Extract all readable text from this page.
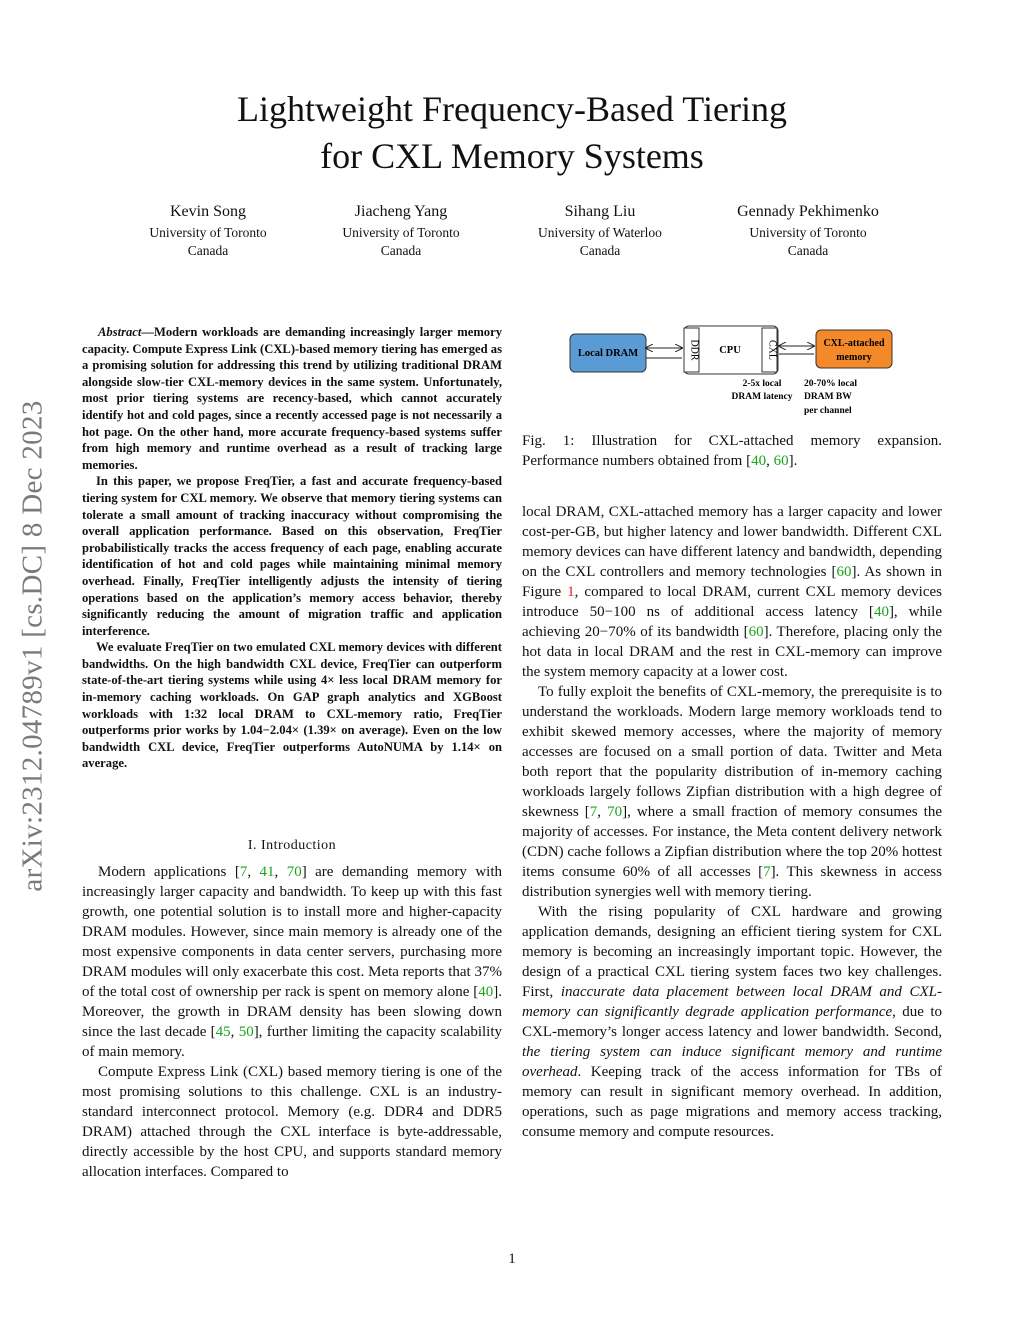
Lightweight Frequency-Based Tiering
for CXL Memory Systems
Kevin Song
University of Toronto
Canada
Jiacheng Yang
University of Toronto
Canada
Sihang Liu
University of Waterloo
Canada
Gennady Pekhimenko
University of Toronto
Canada
arXiv:2312.04789v1 [cs.DC] 8 Dec 2023

Abstract—Modern workloads are demanding increasingly larger memory capacity. Compute Express Link (CXL)-based memory tiering has emerged as a promising solution for addressing this trend by utilizing traditional DRAM alongside slow-tier CXL-memory devices in the same system. Unfortunately, most prior tiering systems are recency-based, which cannot accurately identify hot and cold pages, since a recently accessed page is not necessarily a hot page. On the other hand, more accurate frequency-based systems suffer from high memory and runtime overhead as a result of tracking large memories.

In this paper, we propose FreqTier, a fast and accurate frequency-based tiering system for CXL memory. We observe that memory tiering systems can tolerate a small amount of tracking inaccuracy without compromising the overall application performance. Based on this observation, FreqTier probabilistically tracks the access frequency of each page, enabling accurate identification of hot and cold pages while maintaining minimal memory overhead. Finally, FreqTier intelligently adjusts the intensity of tiering operations based on the application’s memory access behavior, thereby significantly reducing the amount of migration traffic and application interference.

We evaluate FreqTier on two emulated CXL memory devices with different bandwidths. On the high bandwidth CXL device, FreqTier can outperform state-of-the-art tiering systems while using 4× less local DRAM memory for in-memory caching workloads. On GAP graph analytics and XGBoost workloads with 1:32 local DRAM to CXL-memory ratio, FreqTier outperforms prior works by 1.04−2.04× (1.39× on average). Even on the low bandwidth CXL device, FreqTier outperforms AutoNUMA by 1.14× on average.

I. Introduction

Modern applications [7, 41, 70] are demanding memory with increasingly larger capacity and bandwidth. To keep up with this fast growth, one potential solution is to install more and higher-capacity DRAM modules. However, since main memory is already one of the most expensive components in data center servers, purchasing more DRAM modules will only exacerbate this cost. Meta reports that 37% of the total cost of ownership per rack is spent on memory alone [40]. Moreover, the growth in DRAM density has been slowing down since the last decade [45, 50], further limiting the capacity scalability of main memory.

Compute Express Link (CXL) based memory tiering is one of the most promising solutions to this challenge. CXL is an industry-standard interconnect protocol. Memory (e.g. DDR4 and DDR5 DRAM) attached through the CXL interface is byte-addressable, directly accessible by the host CPU, and supports standard memory allocation interfaces. Compared to

Local DRAM	DDR	CXL
CPU
CXL-attached
memory
2-5x local
DRAM latency
20-70% local
DRAM BW
per channel
Fig. 1: Illustration for CXL-attached memory expansion. Performance numbers obtained from [40, 60].

local DRAM, CXL-attached memory has a larger capacity and lower cost-per-GB, but higher latency and lower bandwidth. Different CXL memory devices can have different latency and bandwidth, depending on the CXL controllers and memory technologies [60]. As shown in Figure 1, compared to local DRAM, current CXL memory devices introduce 50−100 ns of additional access latency [40], while achieving 20−70% of its bandwidth [60]. Therefore, placing only the hot data in local DRAM and the rest in CXL-memory can improve the system memory capacity at a lower cost.

To fully exploit the benefits of CXL-memory, the prerequisite is to understand the workloads. Modern large memory workloads tend to exhibit skewed memory accesses, where the majority of memory accesses are focused on a small portion of data. Twitter and Meta both report that the popularity distribution of in-memory caching workloads largely follows Zipfian distribution with a high degree of skewness [7, 70], where a small fraction of memory consumes the majority of accesses. For instance, the Meta content delivery network (CDN) cache follows a Zipfian distribution where the top 20% hottest items consume 60% of all accesses [7]. This skewness in access distribution synergies well with memory tiering.

With the rising popularity of CXL hardware and growing application demands, designing an efficient tiering system for CXL memory is becoming an increasingly important topic. However, the design of a practical CXL tiering system faces two key challenges. First, inaccurate data placement between local DRAM and CXL-memory can significantly degrade application performance, due to CXL-memory’s longer access latency and lower bandwidth. Second, the tiering system can induce significant memory and runtime overhead. Keeping track of the access information for TBs of memory can result in significant memory overhead. In addition, operations, such as page migrations and memory access tracking, consume memory and compute resources.

1
